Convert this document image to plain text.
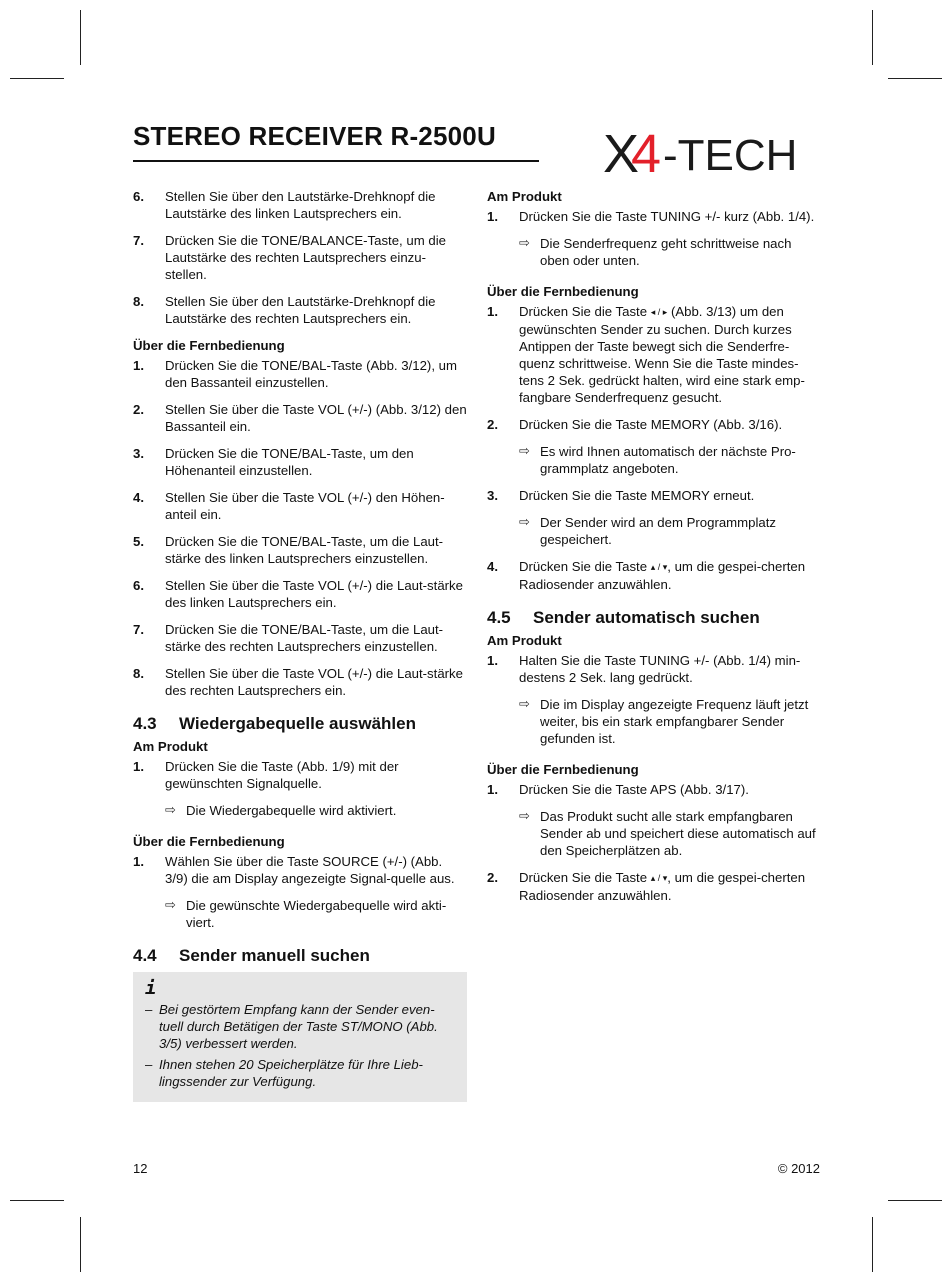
STEREO RECEIVER R-2500U X
4 -TECH
6. Stellen Sie über den Lautstärke-Drehknopf die Lautstärke des linken Lautsprechers ein.
7. Drücken Sie die TONE/BALANCE-Taste, um die Lautstärke des rechten Lautsprechers einzu-stellen.
8. Stellen Sie über den Lautstärke-Drehknopf die Lautstärke des rechten Lautsprechers ein.
Über die Fernbedienung
1. Drücken Sie die TONE/BAL-Taste (Abb. 3/12), um den Bassanteil einzustellen.
2. Stellen Sie über die Taste VOL (+/-) (Abb. 3/12) den Bassanteil ein.
3. Drücken Sie die TONE/BAL-Taste, um den Höhenanteil einzustellen.
4. Stellen Sie über die Taste VOL (+/-) den Höhen-anteil ein.
5. Drücken Sie die TONE/BAL-Taste, um die Laut-stärke des linken Lautsprechers einzustellen.
6. Stellen Sie über die Taste VOL (+/-) die Laut-stärke des linken Lautsprechers ein.
7. Drücken Sie die TONE/BAL-Taste, um die Laut-stärke des rechten Lautsprechers einzustellen.
8. Stellen Sie über die Taste VOL (+/-) die Laut-stärke des rechten Lautsprechers ein.
4.3 Wiedergabequelle auswählen
Am Produkt
1. Drücken Sie die Taste (Abb. 1/9) mit der gewünschten Signalquelle.
⇨ Die Wiedergabequelle wird aktiviert.
Über die Fernbedienung
1. Wählen Sie über die Taste SOURCE (+/-) (Abb. 3/9) die am Display angezeigte Signal-quelle aus.
⇨ Die gewünschte Wiedergabequelle wird akti-viert.
4.4 Sender manuell suchen
i
– Bei gestörtem Empfang kann der Sender even-tuell durch Betätigen der Taste ST/MONO (Abb. 3/5) verbessert werden.
– Ihnen stehen 20 Speicherplätze für Ihre Lieb-lingssender zur Verfügung.
Am Produkt
1. Drücken Sie die Taste TUNING +/- kurz (Abb. 1/4).
⇨ Die Senderfrequenz geht schrittweise nach oben oder unten.
Über die Fernbedienung
1. Drücken Sie die Taste ◂ / ▸ (Abb. 3/13) um den gewünschten Sender zu suchen. Durch kurzes Antippen der Taste bewegt sich die Senderfre-quenz schrittweise. Wenn Sie die Taste mindes-tens 2 Sek. gedrückt halten, wird eine stark emp-fangbare Senderfrequenz gesucht.
2. Drücken Sie die Taste MEMORY (Abb. 3/16).
⇨ Es wird Ihnen automatisch der nächste Pro-grammplatz angeboten.
3. Drücken Sie die Taste MEMORY erneut.
⇨ Der Sender wird an dem Programmplatz gespeichert.
4. Drücken Sie die Taste ▴ / ▾, um die gespei-cherten Radiosender anzuwählen.
4.5 Sender automatisch suchen
Am Produkt
1. Halten Sie die Taste TUNING +/- (Abb. 1/4) min-destens 2 Sek. lang gedrückt.
⇨ Die im Display angezeigte Frequenz läuft jetzt weiter, bis ein stark empfangbarer Sender gefunden ist.
Über die Fernbedienung
1. Drücken Sie die Taste APS (Abb. 3/17).
⇨ Das Produkt sucht alle stark empfangbaren Sender ab und speichert diese automatisch auf den Speicherplätzen ab.
2. Drücken Sie die Taste ▴ / ▾, um die gespei-cherten Radiosender anzuwählen.
12	© 2012
